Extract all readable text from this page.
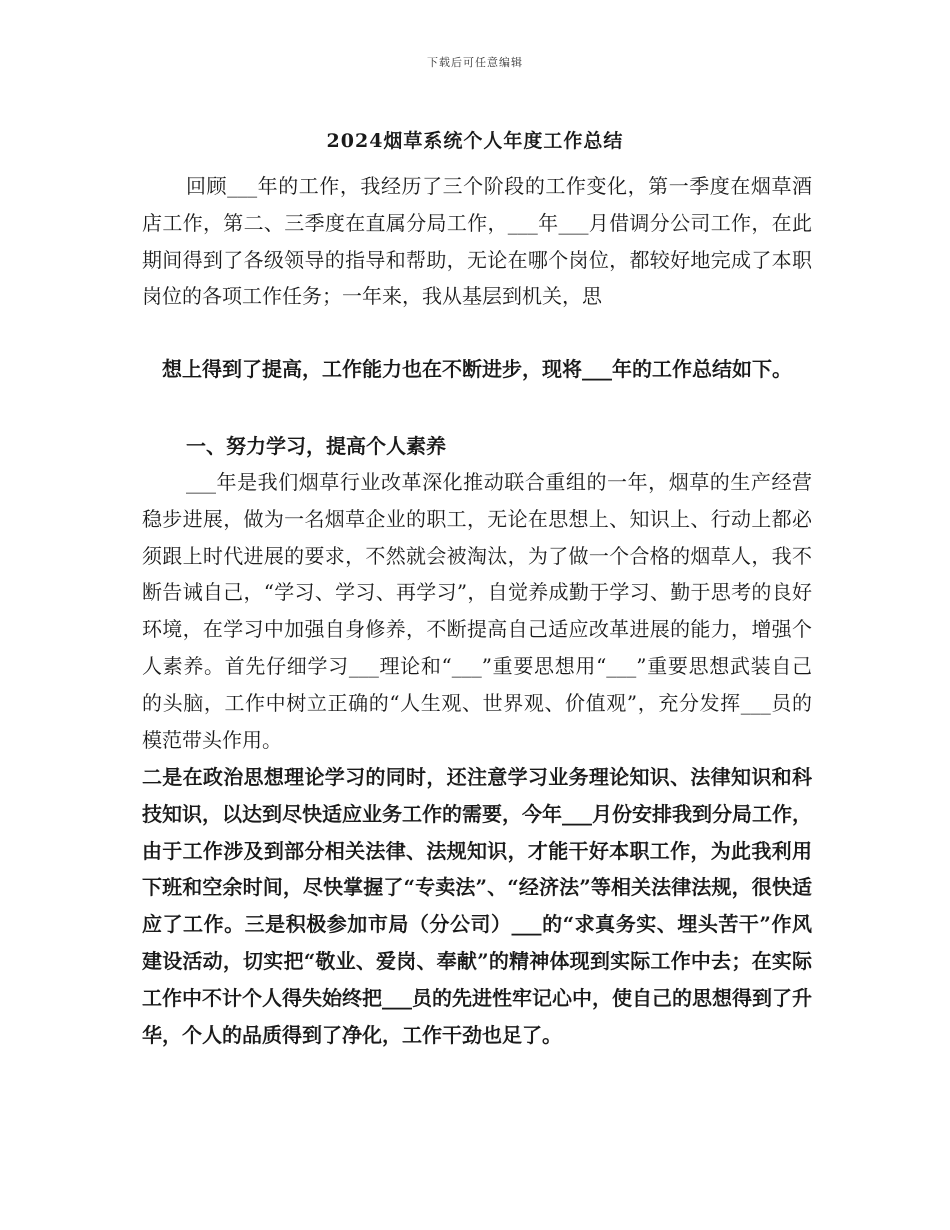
下载后可任意编辑
2024烟草系统个人年度工作总结
回顾___年的工作，我经历了三个阶段的工作变化，第一季度在烟草酒店工作，第二、三季度在直属分局工作，___年___月借调分公司工作，在此期间得到了各级领导的指导和帮助，无论在哪个岗位，都较好地完成了本职岗位的各项工作任务；一年来，我从基层到机关，思
想上得到了提高，工作能力也在不断进步，现将___年的工作总结如下。
一、努力学习，提高个人素养
___年是我们烟草行业改革深化推动联合重组的一年，烟草的生产经营稳步进展，做为一名烟草企业的职工，无论在思想上、知识上、行动上都必须跟上时代进展的要求，不然就会被淘汰，为了做一个合格的烟草人，我不断告诫自己，“学习、学习、再学习”，自觉养成勤于学习、勤于思考的良好环境，在学习中加强自身修养，不断提高自己适应改革进展的能力，增强个人素养。首先仔细学习___理论和“___”重要思想用“___”重要思想武装自己的头脑，工作中树立正确的“人生观、世界观、价值观”，充分发挥___员的模范带头作用。
二是在政治思想理论学习的同时，还注意学习业务理论知识、法律知识和科技知识，以达到尽快适应业务工作的需要，今年___月份安排我到分局工作，由于工作涉及到部分相关法律、法规知识，才能干好本职工作，为此我利用下班和空余时间，尽快掌握了“专卖法”、“经济法”等相关法律法规，很快适应了工作。三是积极参加市局（分公司）___的“求真务实、埋头苦干”作风建设活动，切实把“敬业、爱岗、奉献”的精神体现到实际工作中去；在实际工作中不计个人得失始终把___员的先进性牢记心中，使自己的思想得到了升华，个人的品质得到了净化，工作干劲也足了。
